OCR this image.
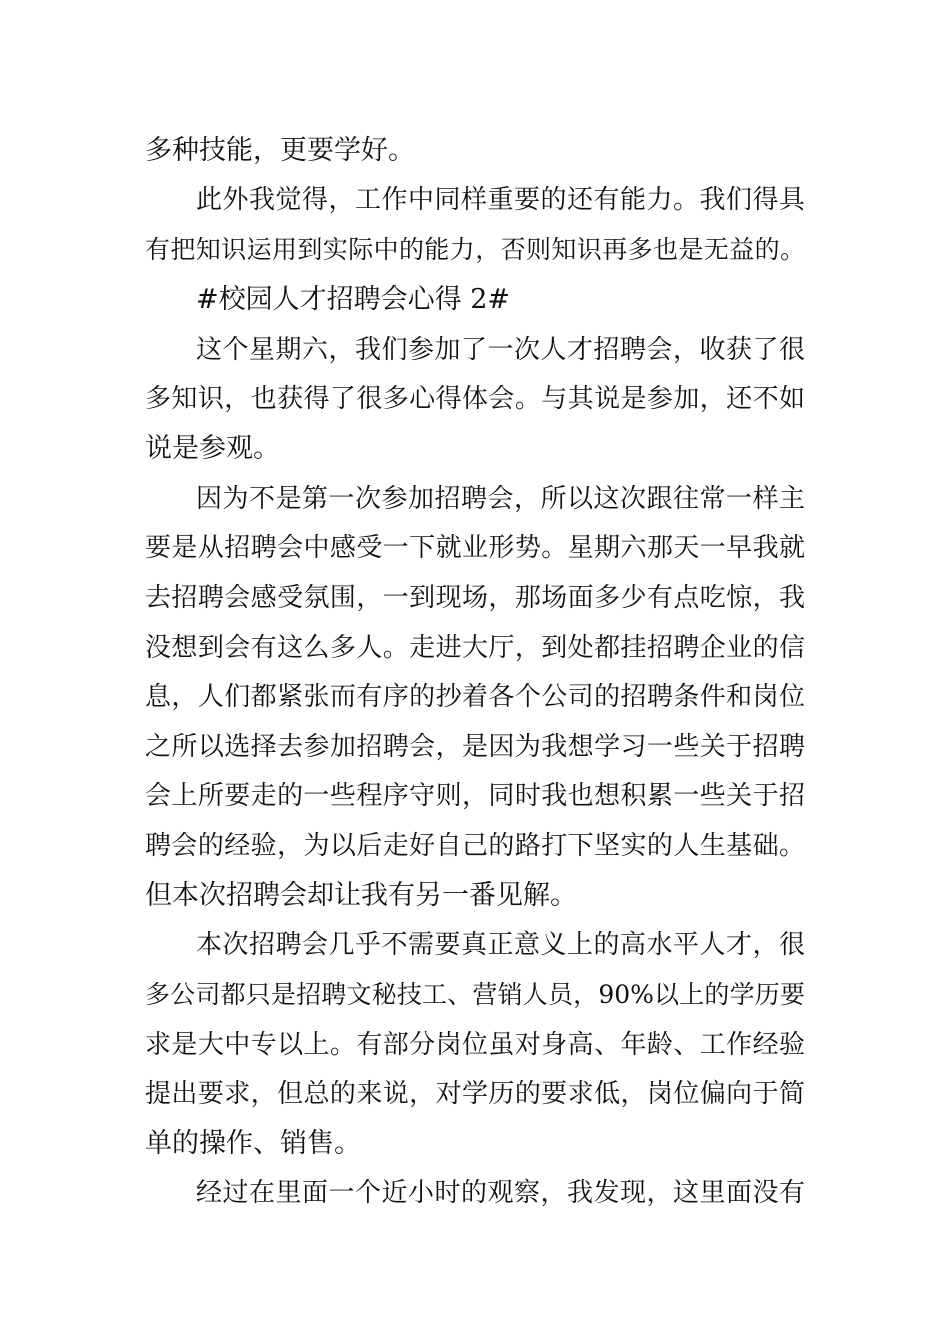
多种技能，更要学好。
此外我觉得，工作中同样重要的还有能力。我们得具
有把知识运用到实际中的能力，否则知识再多也是无益的。
#校园人才招聘会心得 2#
这个星期六，我们参加了一次人才招聘会，收获了很
多知识，也获得了很多心得体会。与其说是参加，还不如
说是参观。
因为不是第一次参加招聘会，所以这次跟往常一样主
要是从招聘会中感受一下就业形势。星期六那天一早我就
去招聘会感受氛围，一到现场，那场面多少有点吃惊，我
没想到会有这么多人。走进大厅，到处都挂招聘企业的信
息，人们都紧张而有序的抄着各个公司的招聘条件和岗位
之所以选择去参加招聘会，是因为我想学习一些关于招聘
会上所要走的一些程序守则，同时我也想积累一些关于招
聘会的经验，为以后走好自己的路打下坚实的人生基础。
但本次招聘会却让我有另一番见解。
本次招聘会几乎不需要真正意义上的高水平人才，很
多公司都只是招聘文秘技工、营销人员，90%以上的学历要
求是大中专以上。有部分岗位虽对身高、年龄、工作经验
提出要求，但总的来说，对学历的要求低，岗位偏向于简
单的操作、销售。
经过在里面一个近小时的观察，我发现，这里面没有
